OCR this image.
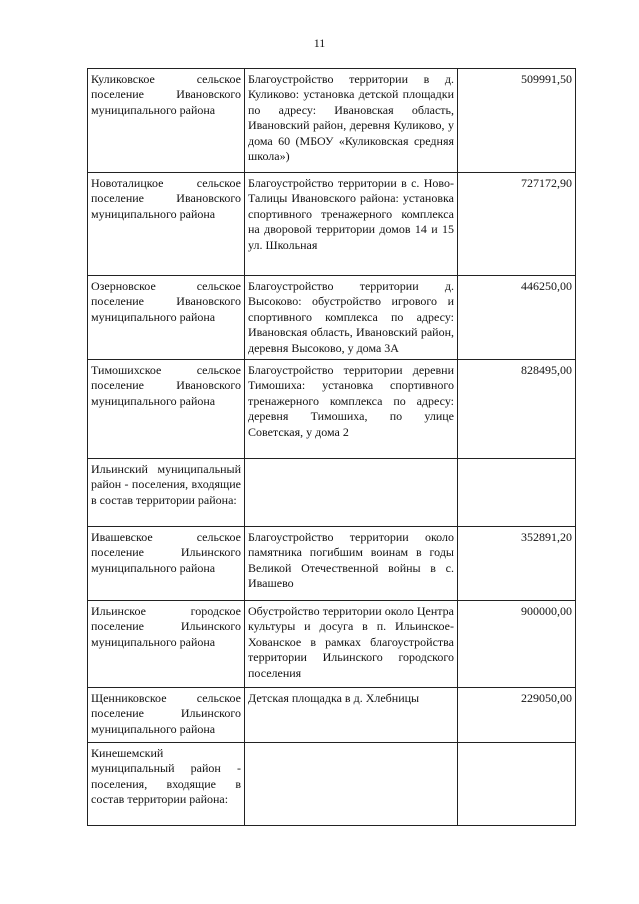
11
Куликовское сельское поселение Ивановского муниципального района	Благоустройство территории в д. Куликово: установка детской площадки по адресу: Ивановская область, Ивановский район, деревня Куликово, у дома 60 (МБОУ «Куликовская средняя школа»)	509991,50
Новоталицкое сельское поселение Ивановского муниципального района	Благоустройство территории в с. Ново-Талицы Ивановского района: установка спортивного тренажерного комплекса на дворовой территории домов 14 и 15 ул. Школьная	727172,90
Озерновское сельское поселение Ивановского муниципального района	Благоустройство территории д. Высоково: обустройство игрового и спортивного комплекса по адресу: Ивановская область, Ивановский район, деревня Высоково, у дома 3А	446250,00
Тимошихское сельское поселение Ивановского муниципального района	Благоустройство территории деревни Тимошиха: установка спортивного тренажерного комплекса по адресу: деревня Тимошиха, по улице Советская, у дома 2	828495,00
Ильинский муниципальный район - поселения, входящие в состав территории района:		
Ивашевское сельское поселение Ильинского муниципального района	Благоустройство территории около памятника погибшим воинам в годы Великой Отечественной войны в с. Ивашево	352891,20
Ильинское городское поселение Ильинского муниципального района	Обустройство территории около Центра культуры и досуга в п. Ильинское-Хованское в рамках благоустройства территории Ильинского городского поселения	900000,00
Щенниковское сельское поселение Ильинского муниципального района	Детская площадка в д. Хлебницы	229050,00
Кинешемский муниципальный район - поселения, входящие в состав территории района:		
